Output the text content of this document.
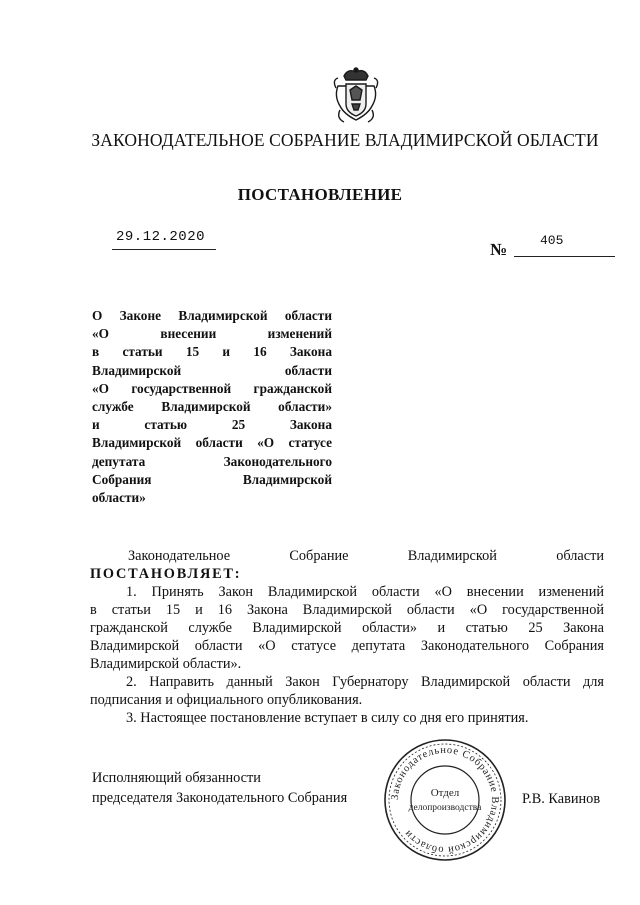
ЗАКОНОДАТЕЛЬНОЕ СОБРАНИЕ ВЛАДИМИРСКОЙ ОБЛАСТИ
ПОСТАНОВЛЕНИЕ
29.12.2020
№	405
О Законе Владимирской области
«О внесении изменений
в статьи 15 и 16 Закона
Владимирской области
«О государственной гражданской
службе Владимирской области»
и статью 25 Закона
Владимирской области «О статусе
депутата Законодательного
Собрания Владимирской
области»
Законодательное Собрание Владимирской области
ПОСТАНОВЛЯЕТ:
1. Принять Закон Владимирской области «О внесении изменений
в статьи 15 и 16 Закона Владимирской области «О государственной
гражданской службе Владимирской области» и статью 25 Закона
Владимирской области «О статусе депутата Законодательного Собрания
Владимирской области».
2. Направить данный Закон Губернатору Владимирской области для
подписания и официального опубликования.
3. Настоящее постановление вступает в силу со дня его принятия.
Исполняющий обязанности
председателя Законодательного Собрания	Р.В. Кавинов
Законодательное Собрание Владимирской области
Отдел
делопроизводства
